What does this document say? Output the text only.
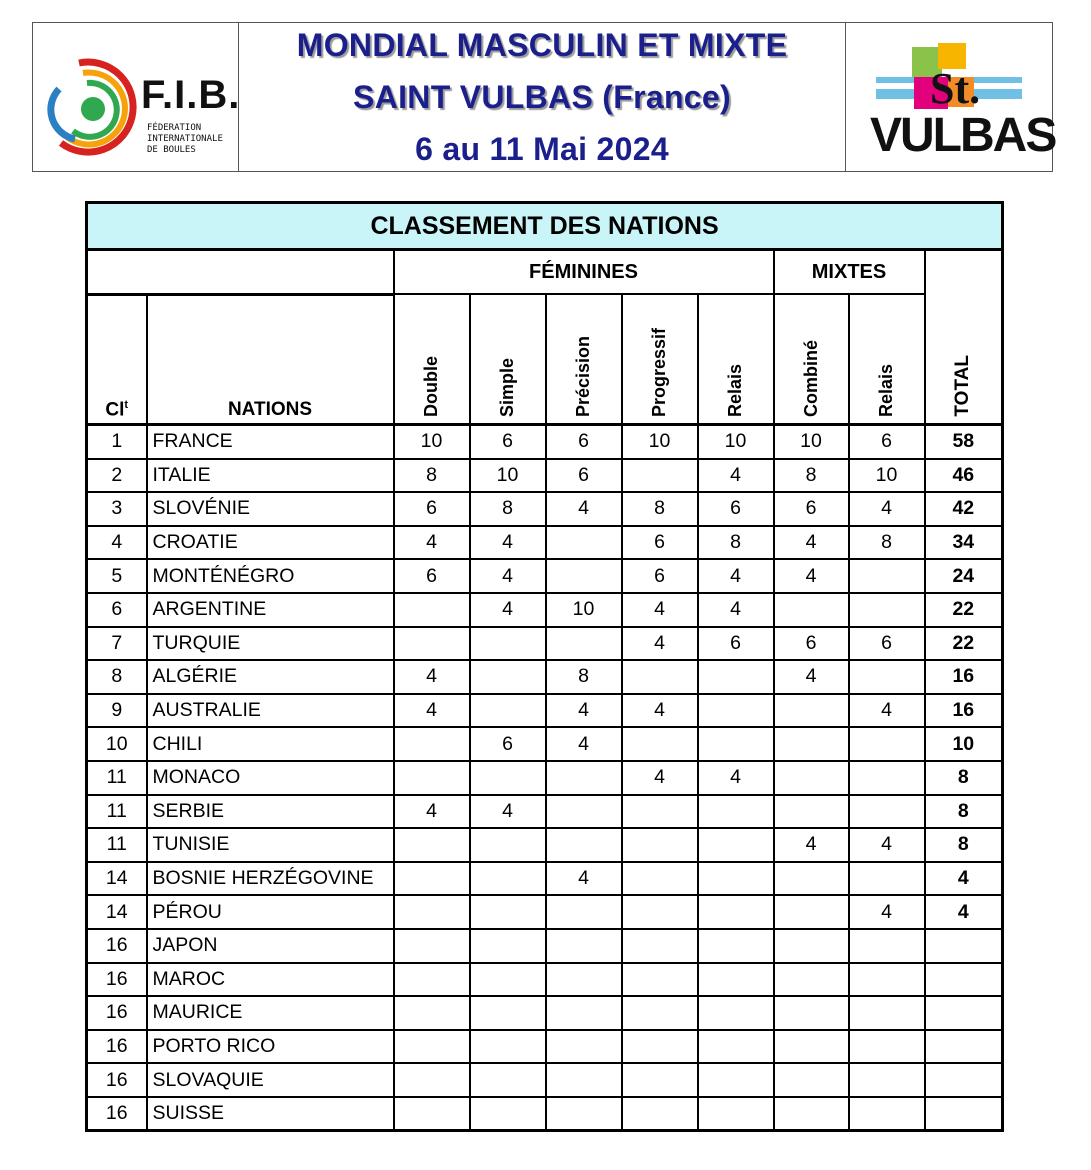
F.I.B.
FÉDERATION
INTERNATIONALE
DE BOULES
MONDIAL MASCULIN ET MIXTE
SAINT VULBAS (France)
6 au 11 Mai 2024
St.
VULBAS
CLASSEMENT DES NATIONS									
		FÉMININES					MIXTES		TOTAL
		Double	Simple	Précision	Progressif	Relais	Combiné	Relais	
Cl$^t$	NATIONS								
1	FRANCE	10	6	6	10	10	10	6	58
2	ITALIE	8	10	6		4	8	10	46
3	SLOVÉNIE	6	8	4	8	6	6	4	42
4	CROATIE	4	4		6	8	4	8	34
5	MONTÉNÉGRO	6	4		6	4	4		24
6	ARGENTINE		4	10	4	4			22
7	TURQUIE				4	6	6	6	22
8	ALGÉRIE	4		8			4		16
9	AUSTRALIE	4		4	4			4	16
10	CHILI		6	4					10
11	MONACO				4	4			8
11	SERBIE	4	4						8
11	TUNISIE						4	4	8
14	BOSNIE HERZÉGOVINE			4					4
14	PÉROU							4	4
16	JAPON								
16	MAROC								
16	MAURICE								
16	PORTO RICO								
16	SLOVAQUIE								
16	SUISSE								
